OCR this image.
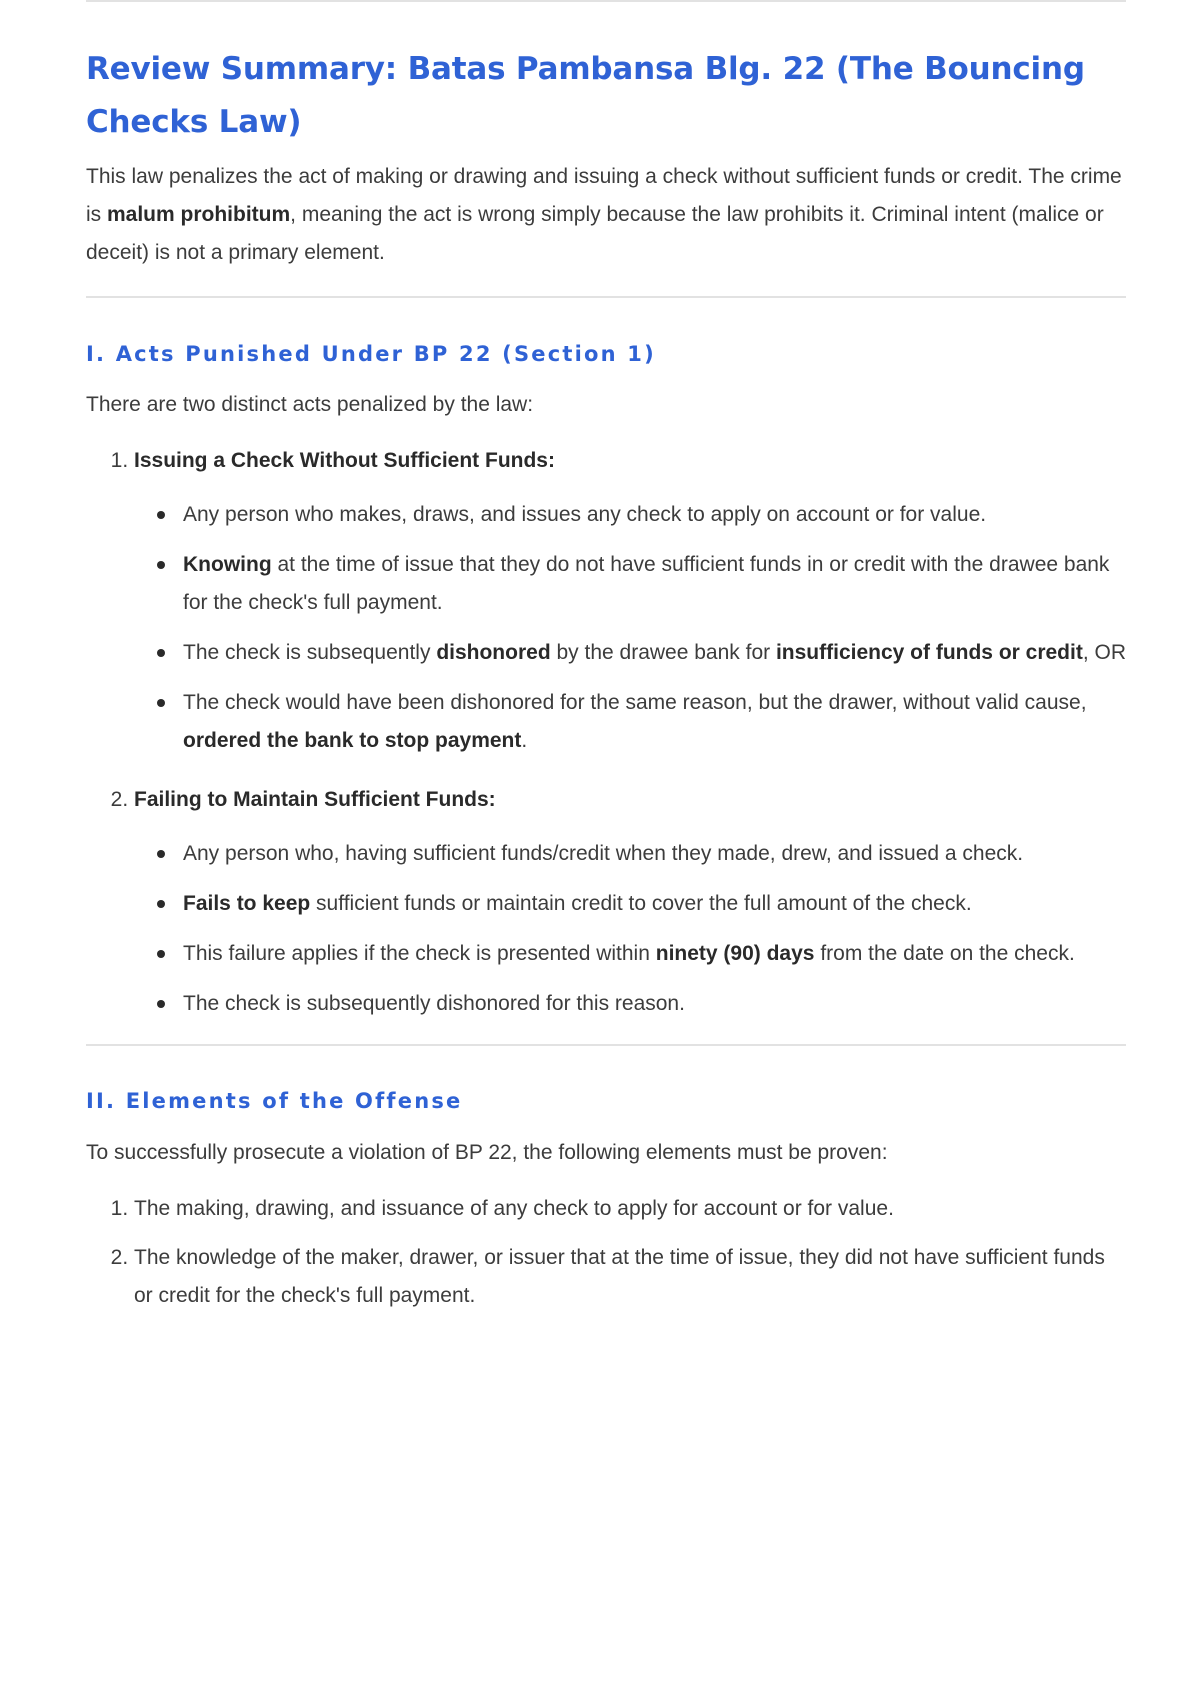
Review Summary: Batas Pambansa Blg. 22 (The Bouncing Checks Law)

This law penalizes the act of making or drawing and issuing a check without sufficient funds or credit. The crime is malum prohibitum, meaning the act is wrong simply because the law prohibits it. Criminal intent (malice or deceit) is not a primary element.

I. Acts Punished Under BP 22 (Section 1)

There are two distinct acts penalized by the law:

1. Issuing a Check Without Sufficient Funds:
Any person who makes, draws, and issues any check to apply on account or for value.
Knowing at the time of issue that they do not have sufficient funds in or credit with the drawee bank for the check's full payment.
The check is subsequently dishonored by the drawee bank for insufficiency of funds or credit, OR
The check would have been dishonored for the same reason, but the drawer, without valid cause, ordered the bank to stop payment.
2. Failing to Maintain Sufficient Funds:
Any person who, having sufficient funds/credit when they made, drew, and issued a check.
Fails to keep sufficient funds or maintain credit to cover the full amount of the check.
This failure applies if the check is presented within ninety (90) days from the date on the check.
The check is subsequently dishonored for this reason.
II. Elements of the Offense

To successfully prosecute a violation of BP 22, the following elements must be proven:

1. The making, drawing, and issuance of any check to apply for account or for value.
2. The knowledge of the maker, drawer, or issuer that at the time of issue, they did not have sufficient funds or credit for the check's full payment.
